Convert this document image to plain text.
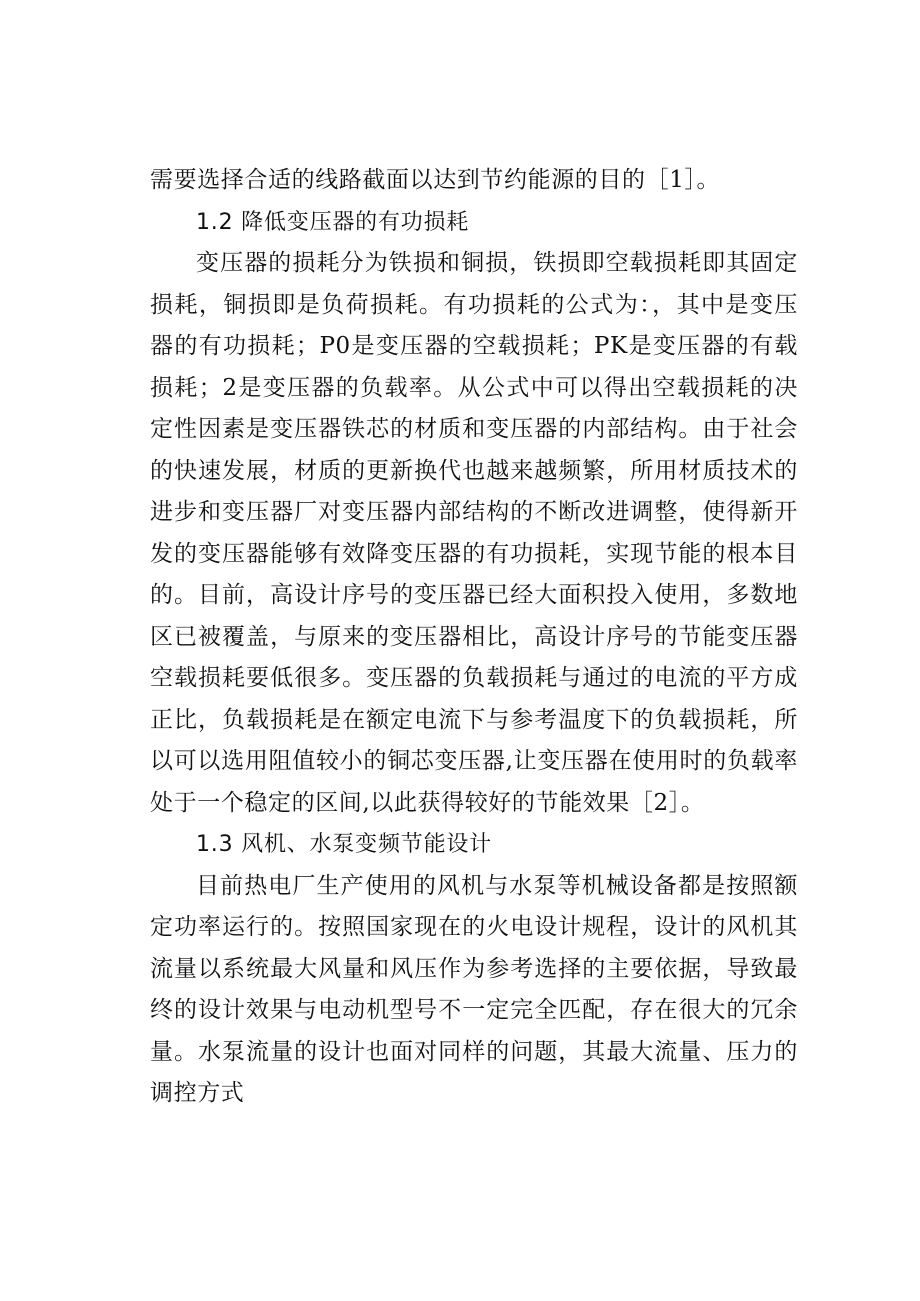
需要选择合适的线路截面以达到节约能源的目的［1］。

1.2 降低变压器的有功损耗

变压器的损耗分为铁损和铜损，铁损即空载损耗即其固定损耗，铜损即是负荷损耗。有功损耗的公式为：，其中是变压器的有功损耗；P0是变压器的空载损耗；PK是变压器的有载损耗；2是变压器的负载率。从公式中可以得出空载损耗的决定性因素是变压器铁芯的材质和变压器的内部结构。由于社会的快速发展，材质的更新换代也越来越频繁，所用材质技术的进步和变压器厂对变压器内部结构的不断改进调整，使得新开发的变压器能够有效降变压器的有功损耗，实现节能的根本目的。目前，高设计序号的变压器已经大面积投入使用，多数地区已被覆盖，与原来的变压器相比，高设计序号的节能变压器空载损耗要低很多。变压器的负载损耗与通过的电流的平方成正比，负载损耗是在额定电流下与参考温度下的负载损耗，所以可以选用阻值较小的铜芯变压器,让变压器在使用时的负载率处于一个稳定的区间,以此获得较好的节能效果［2］。

1.3 风机、水泵变频节能设计

目前热电厂生产使用的风机与水泵等机械设备都是按照额定功率运行的。按照国家现在的火电设计规程，设计的风机其流量以系统最大风量和风压作为参考选择的主要依据，导致最终的设计效果与电动机型号不一定完全匹配，存在很大的冗余量。水泵流量的设计也面对同样的问题，其最大流量、压力的调控方式
